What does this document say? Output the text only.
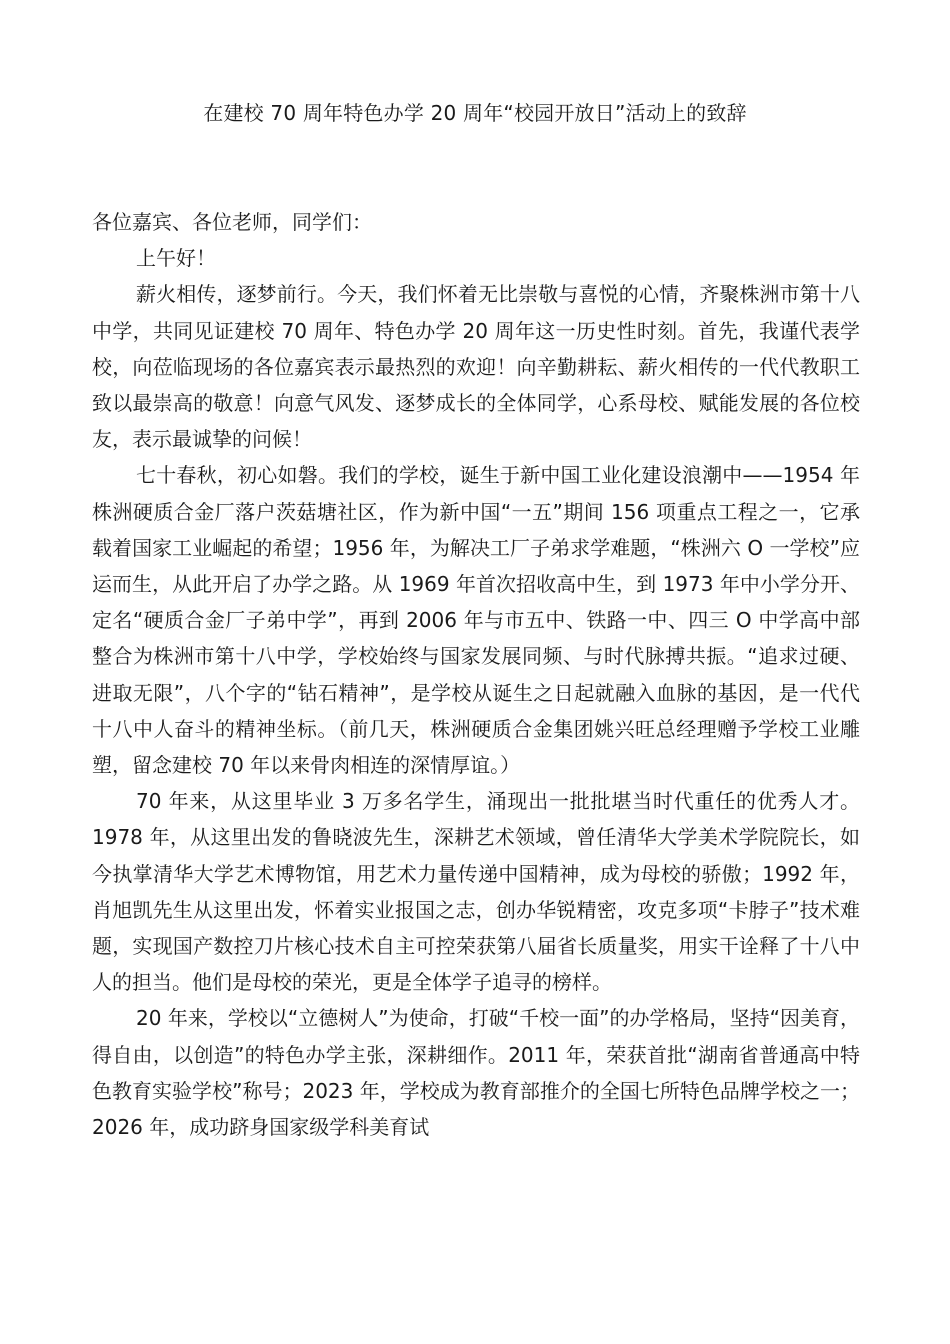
在建校 70 周年特色办学 20 周年“校园开放日”活动上的致辞

各位嘉宾、各位老师，同学们：

上午好！

薪火相传，逐梦前行。今天，我们怀着无比崇敬与喜悦的心情，齐聚株洲市第十八中学，共同见证建校 70 周年、特色办学 20 周年这一历史性时刻。首先，我谨代表学校，向莅临现场的各位嘉宾表示最热烈的欢迎！向辛勤耕耘、薪火相传的一代代教职工致以最崇高的敬意！向意气风发、逐梦成长的全体同学，心系母校、赋能发展的各位校友，表示最诚挚的问候！

七十春秋，初心如磐。我们的学校，诞生于新中国工业化建设浪潮中——1954 年株洲硬质合金厂落户茨菇塘社区，作为新中国“一五”期间 156 项重点工程之一，它承载着国家工业崛起的希望；1956 年，为解决工厂子弟求学难题，“株洲六 O 一学校”应运而生，从此开启了办学之路。从 1969 年首次招收高中生，到 1973 年中小学分开、定名“硬质合金厂子弟中学”，再到 2006 年与市五中、铁路一中、四三 O 中学高中部整合为株洲市第十八中学，学校始终与国家发展同频、与时代脉搏共振。“追求过硬、进取无限”，八个字的“钻石精神”，是学校从诞生之日起就融入血脉的基因，是一代代十八中人奋斗的精神坐标。（前几天，株洲硬质合金集团姚兴旺总经理赠予学校工业雕塑，留念建校 70 年以来骨肉相连的深情厚谊。）

70 年来，从这里毕业 3 万多名学生，涌现出一批批堪当时代重任的优秀人才。1978 年，从这里出发的鲁晓波先生，深耕艺术领域，曾任清华大学美术学院院长，如今执掌清华大学艺术博物馆，用艺术力量传递中国精神，成为母校的骄傲；1992 年，肖旭凯先生从这里出发，怀着实业报国之志，创办华锐精密，攻克多项“卡脖子”技术难题，实现国产数控刀片核心技术自主可控荣获第八届省长质量奖，用实干诠释了十八中人的担当。他们是母校的荣光，更是全体学子追寻的榜样。

20 年来，学校以“立德树人”为使命，打破“千校一面”的办学格局，坚持“因美育，得自由，以创造”的特色办学主张，深耕细作。2011 年，荣获首批“湖南省普通高中特色教育实验学校”称号；2023 年，学校成为教育部推介的全国七所特色品牌学校之一；2026 年，成功跻身国家级学科美育试
